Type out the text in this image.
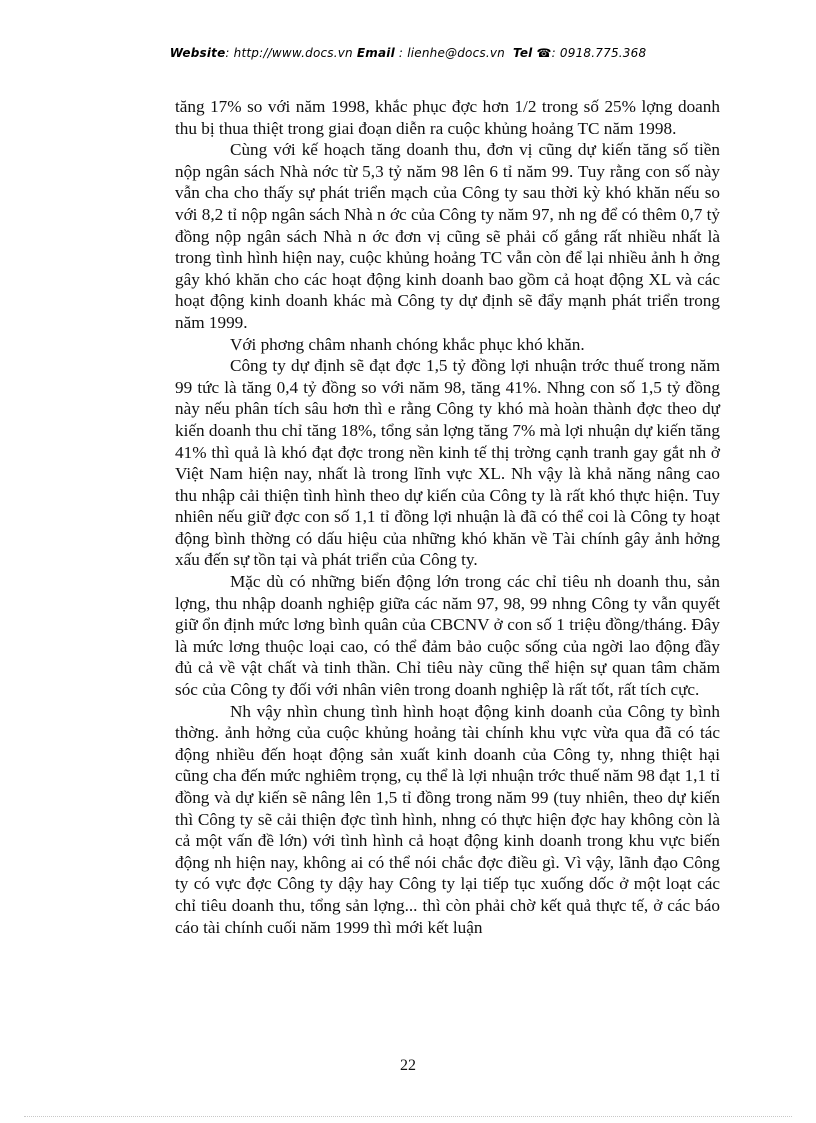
Website: http://www.docs.vn Email : lienhe@docs.vn  Tel ☎: 0918.775.368

tăng 17% so với năm 1998, khắc phục đợc hơn 1/2 trong số 25% lợng doanh thu bị thua thiệt trong giai đoạn diễn ra cuộc khủng hoảng TC năm 1998.

Cùng với kế hoạch tăng doanh thu, đơn vị cũng dự kiến tăng số tiền nộp ngân sách Nhà nớc từ 5,3 tỷ năm 98 lên 6 tỉ năm 99. Tuy rằng con số này vẫn cha cho thấy sự phát triển mạch của Công ty sau thời kỳ khó khăn nếu so với 8,2 tỉ nộp ngân sách Nhà n ớc của Công ty năm 97, nh ng để có thêm 0,7 tỷ đồng nộp ngân sách Nhà n ớc đơn vị cũng sẽ phải cố gắng rất nhiều nhất là trong tình hình hiện nay, cuộc khủng hoảng TC vẫn còn để lại nhiều ảnh h ởng gây khó khăn cho các hoạt động kinh doanh bao gồm cả hoạt động XL và các hoạt động kinh doanh khác mà Công ty dự định sẽ đẩy mạnh phát triển trong năm 1999.

Với phơng châm nhanh chóng khắc phục khó khăn.

Công ty dự định sẽ đạt đợc 1,5 tỷ đồng lợi nhuận trớc thuế trong năm 99 tức là tăng 0,4 tỷ đồng so với năm 98, tăng 41%. Nhng con số 1,5 tỷ đồng này nếu phân tích sâu hơn thì e rằng Công ty khó mà hoàn thành đợc theo dự kiến doanh thu chỉ tăng 18%, tổng sản lợng tăng 7% mà lợi nhuận dự kiến tăng 41% thì quả là khó đạt đợc trong nền kinh tế thị trờng cạnh tranh gay gắt nh ở Việt Nam hiện nay, nhất là trong lĩnh vực XL. Nh vậy là khả năng nâng cao thu nhập cải thiện tình hình theo dự kiến của Công ty là rất khó thực hiện. Tuy nhiên nếu giữ đợc con số 1,1 tỉ đồng lợi nhuận là đã có thể coi là Công ty hoạt động bình thờng có dấu hiệu của những khó khăn về Tài chính gây ảnh hởng xấu đến sự tồn tại và phát triển của Công ty.

Mặc dù có những biến động lớn trong các chỉ tiêu nh doanh thu, sản lợng, thu nhập doanh nghiệp giữa các năm 97, 98, 99 nhng Công ty vẫn quyết giữ ổn định mức lơng bình quân của CBCNV ở con số 1 triệu đồng/tháng. Đây là mức lơng thuộc loại cao, có thể đảm bảo cuộc sống của ngời lao động đầy đủ cả về vật chất và tinh thần. Chỉ tiêu này cũng thể hiện sự quan tâm chăm sóc của Công ty đối với nhân viên trong doanh nghiệp là rất tốt, rất tích cực.

Nh vậy nhìn chung tình hình hoạt động kinh doanh của Công ty bình thờng. ảnh hởng của cuộc khủng hoảng tài chính khu vực vừa qua đã có tác động nhiều đến hoạt động sản xuất kinh doanh của Công ty, nhng thiệt hại cũng cha đến mức nghiêm trọng, cụ thể là lợi nhuận trớc thuế năm 98 đạt 1,1 tỉ đồng và dự kiến sẽ nâng lên 1,5 tỉ đồng trong năm 99 (tuy nhiên, theo dự kiến thì Công ty sẽ cải thiện đợc tình hình, nhng có thực hiện đợc hay không còn là cả một vấn đề lớn) với tình hình cả hoạt động kinh doanh trong khu vực biến động nh hiện nay, không ai có thể nói chắc đợc điều gì. Vì vậy, lãnh đạo Công ty có vực đợc Công ty dậy hay Công ty lại tiếp tục xuống dốc ở một loạt các chỉ tiêu doanh thu, tổng sản lợng... thì còn phải chờ kết quả thực tế, ở các báo cáo tài chính cuối năm 1999 thì mới kết luận

22
